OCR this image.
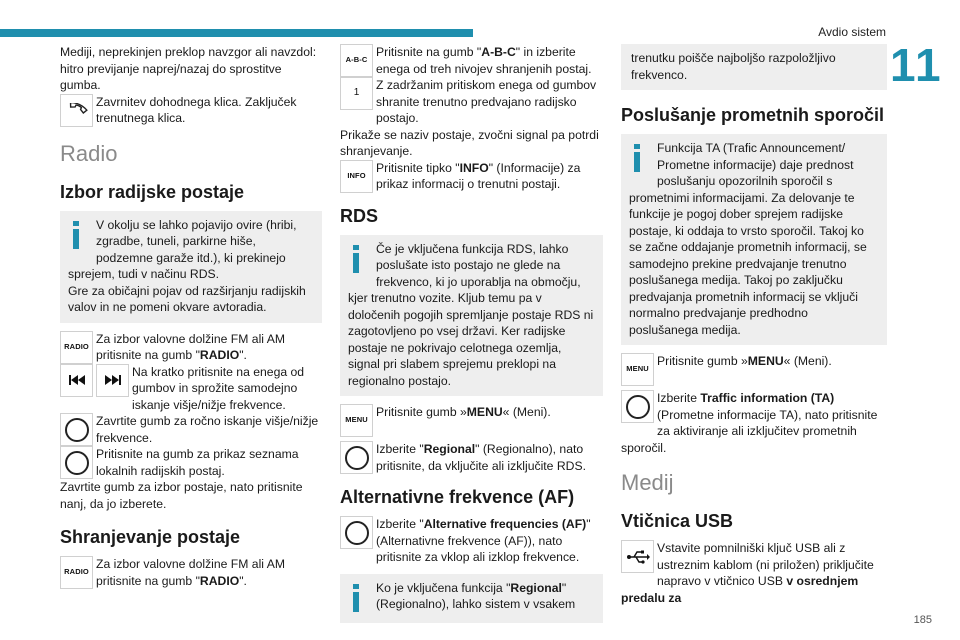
Avdio sistem
11
185

Mediji, neprekinjen preklop navzgor ali navzdol: hitro previjanje naprej/nazaj do sprostitve gumba.

Zavrnitev dohodnega klica. Zaključek trenutnega klica.

Radio
Izbor radijske postaje

V okolju se lahko pojavijo ovire (hribi, zgradbe, tuneli, parkirne hiše, podzemne garaže itd.), ki prekinejo sprejem, tudi v načinu RDS.
Gre za običajni pojav od razširjanju radijskih valov in ne pomeni okvare avtoradia.

RADIO

Za izbor valovne dolžine FM ali AM pritisnite na gumb "RADIO".

Na kratko pritisnite na enega od gumbov in sprožite samodejno iskanje višje/nižje frekvence.

Zavrtite gumb za ročno iskanje višje/nižje frekvence.

Pritisnite na gumb za prikaz seznama lokalnih radijskih postaj.

Zavrtite gumb za izbor postaje, nato pritisnite nanj, da jo izberete.

Shranjevanje postaje
RADIO

Za izbor valovne dolžine FM ali AM pritisnite na gumb "RADIO".

A-B-C

Pritisnite na gumb "A-B-C" in izberite enega od treh nivojev shranjenih postaj.

1

Z zadržanim pritiskom enega od gumbov shranite trenutno predvajano radijsko postajo.

Prikaže se naziv postaje, zvočni signal pa potrdi shranjevanje.

INFO

Pritisnite tipko "INFO" (Informacije) za prikaz informacij o trenutni postaji.

RDS

Če je vključena funkcija RDS, lahko poslušate isto postajo ne glede na frekvenco, ki jo uporablja na območju, kjer trenutno vozite. Kljub temu pa v določenih pogojih spremljanje postaje RDS ni zagotovljeno po vsej državi. Ker radijske postaje ne pokrivajo celotnega ozemlja, signal pri slabem sprejemu preklopi na regionalno postajo.

MENU

Pritisnite gumb »MENU« (Meni).

Izberite "Regional" (Regionalno), nato pritisnite, da vključite ali izključite RDS.

Alternativne frekvence (AF)

Izberite "Alternative frequencies (AF)" (Alternativne frekvence (AF)), nato pritisnite za vklop ali izklop frekvence.

Ko je vključena funkcija "Regional" (Regionalno), lahko sistem v vsakem

trenutku poišče najboljšo razpoložljivo frekvenco.

Poslušanje prometnih sporočil

Funkcija TA (Trafic Announcement/ Prometne informacije) daje prednost poslušanju opozorilnih sporočil s prometnimi informacijami. Za delovanje te funkcije je pogoj dober sprejem radijske postaje, ki oddaja to vrsto sporočil. Takoj ko se začne oddajanje prometnih informacij, se samodejno prekine predvajanje trenutno poslušanega medija. Takoj po zaključku predvajanja prometnih informacij se vključi normalno predvajanje predhodno poslušanega medija.

MENU

Pritisnite gumb »MENU« (Meni).

Izberite Traffic information (TA) (Prometne informacije TA), nato pritisnite za aktiviranje ali izključitev prometnih sporočil.

Medij
Vtičnica USB

Vstavite pomnilniški ključ USB ali z ustreznim kablom (ni priložen) priključite napravo v vtičnico USB v osrednjem predalu za
